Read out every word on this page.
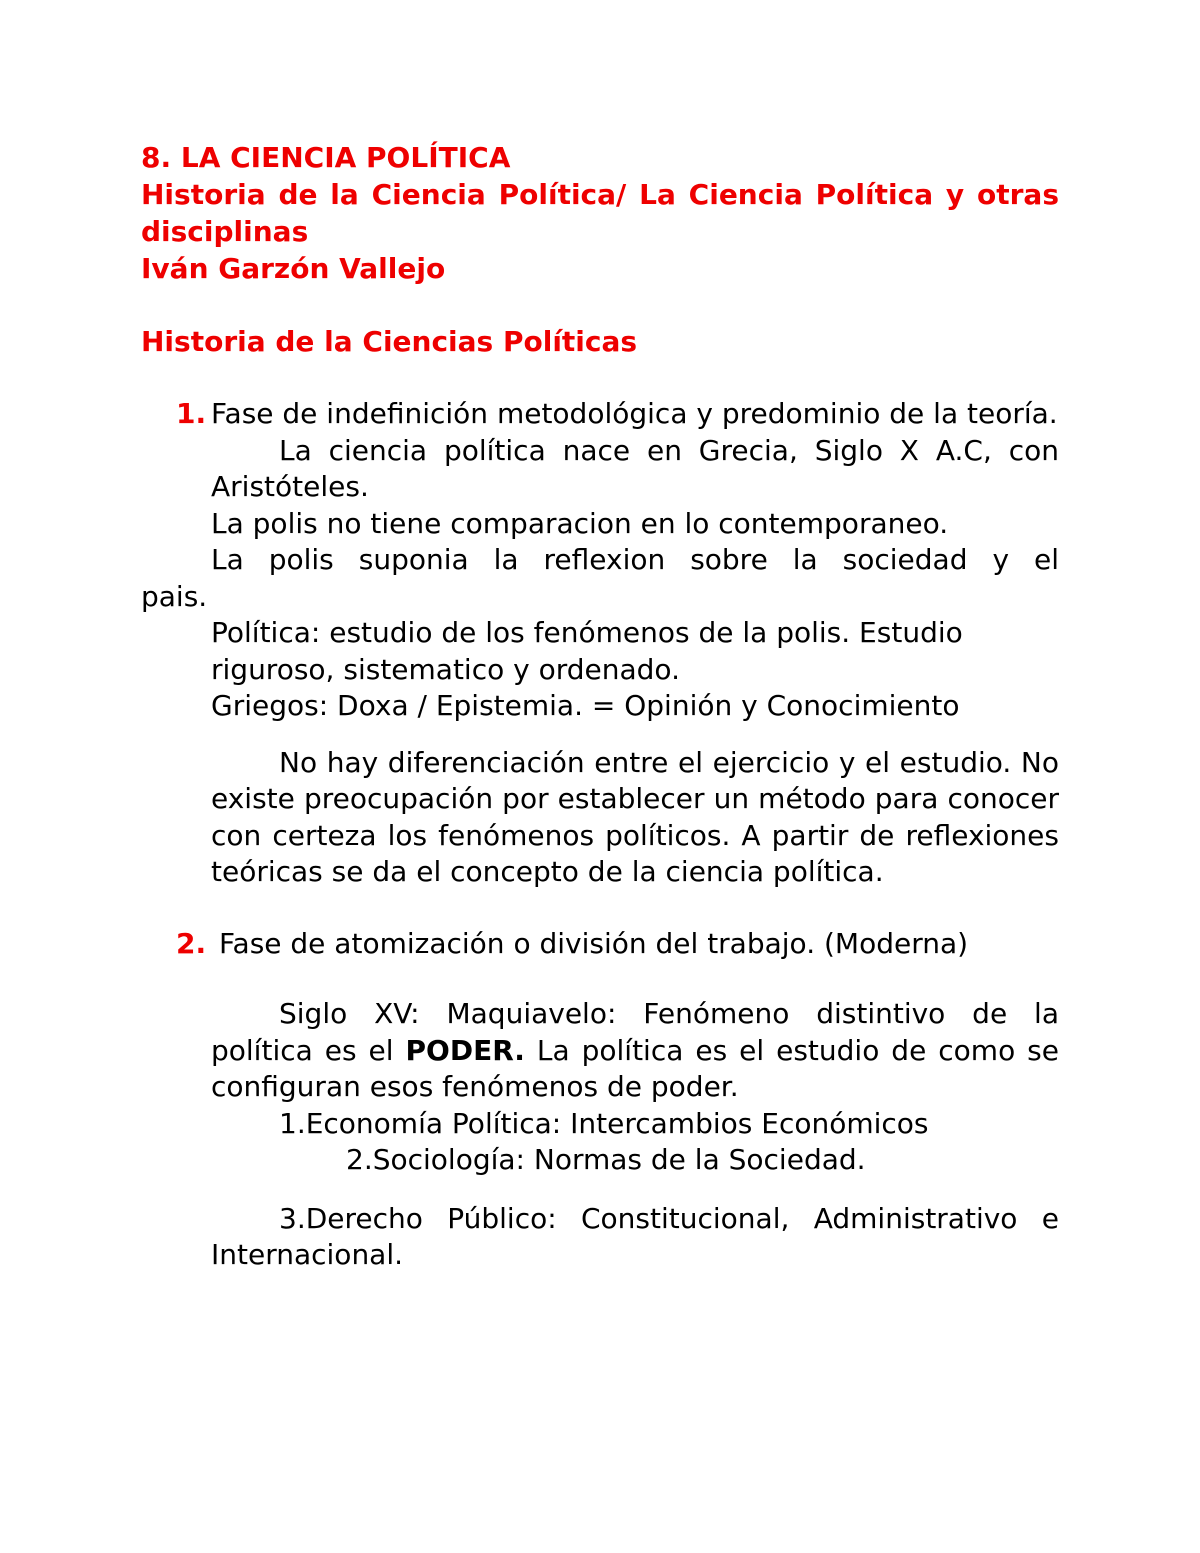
8. LA CIENCIA POLÍTICA

Historia de la Ciencia Política/ La Ciencia Política y otras disciplinas

Iván Garzón Vallejo

Historia de la Ciencias Políticas

1. Fase de indefinición metodológica y predominio de la teoría.

La ciencia política nace en Grecia, Siglo X A.C, con Aristóteles.

La polis no tiene comparacion en lo contemporaneo.

La polis suponia la reflexion sobre la sociedad y el

pais.

Política: estudio de los fenómenos de la polis. Estudio riguroso, sistematico y ordenado.

Griegos: Doxa / Epistemia. = Opinión y Conocimiento

No hay diferenciación entre el ejercicio y el estudio. No existe preocupación por establecer un método para conocer con certeza los fenómenos políticos. A partir de reflexiones teóricas se da el concepto de la ciencia política.

2. Fase de atomización o división del trabajo. (Moderna)

Siglo XV: Maquiavelo: Fenómeno distintivo de la política es el PODER. La política es el estudio de como se configuran esos fenómenos de poder.

1.Economía Política: Intercambios Económicos

2.Sociología: Normas de la Sociedad.

3.Derecho Público: Constitucional, Administrativo e Internacional.
